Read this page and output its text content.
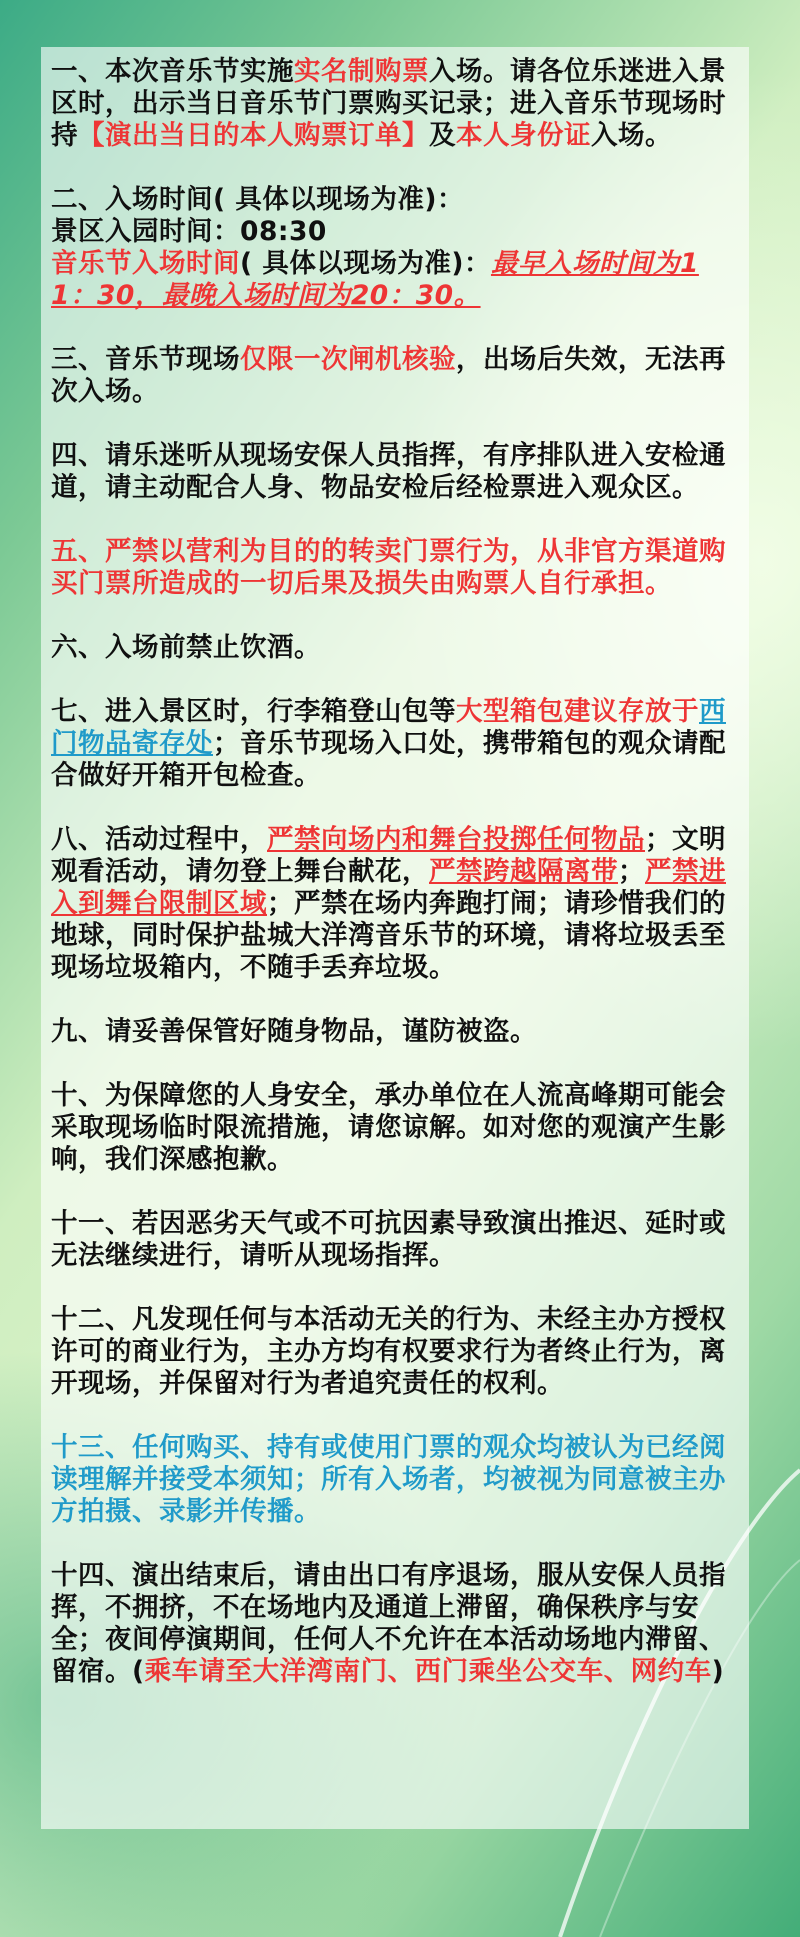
一、本次音乐节实施实名制购票入场。请各位乐迷进入景区时，出示当日音乐节门票购买记录；进入音乐节现场时持【演出当日的本人购票订单】及本人身份证入场。

二、入场时间( 具体以现场为准)：

景区入园时间：08:30

音乐节入场时间( 具体以现场为准)：最早入场时间为11：30，最晚入场时间为20：30。

三、音乐节现场仅限一次闸机核验，出场后失效，无法再次入场。
四、请乐迷听从现场安保人员指挥，有序排队进入安检通道，请主动配合人身、物品安检后经检票进入观众区。
五、严禁以营利为目的的转卖门票行为，从非官方渠道购买门票所造成的一切后果及损失由购票人自行承担。
六、入场前禁止饮酒。
七、进入景区时，行李箱登山包等大型箱包建议存放于西门物品寄存处；音乐节现场入口处，携带箱包的观众请配合做好开箱开包检查。
八、活动过程中，严禁向场内和舞台投掷任何物品；文明观看活动，请勿登上舞台献花，严禁跨越隔离带；严禁进入到舞台限制区域；严禁在场内奔跑打闹；请珍惜我们的地球，同时保护盐城大洋湾音乐节的环境，请将垃圾丢至现场垃圾箱内，不随手丢弃垃圾。
九、请妥善保管好随身物品，谨防被盗。
十、为保障您的人身安全，承办单位在人流高峰期可能会采取现场临时限流措施，请您谅解。如对您的观演产生影响，我们深感抱歉。
十一、若因恶劣天气或不可抗因素导致演出推迟、延时或无法继续进行，请听从现场指挥。
十二、凡发现任何与本活动无关的行为、未经主办方授权许可的商业行为，主办方均有权要求行为者终止行为，离开现场，并保留对行为者追究责任的权利。
十三、任何购买、持有或使用门票的观众均被认为已经阅读理解并接受本须知；所有入场者，均被视为同意被主办方拍摄、录影并传播。
十四、演出结束后，请由出口有序退场，服从安保人员指挥，不拥挤，不在场地内及通道上滞留，确保秩序与安全；夜间停演期间，任何人不允许在本活动场地内滞留、留宿。(乘车请至大洋湾南门、西门乘坐公交车、网约车)
